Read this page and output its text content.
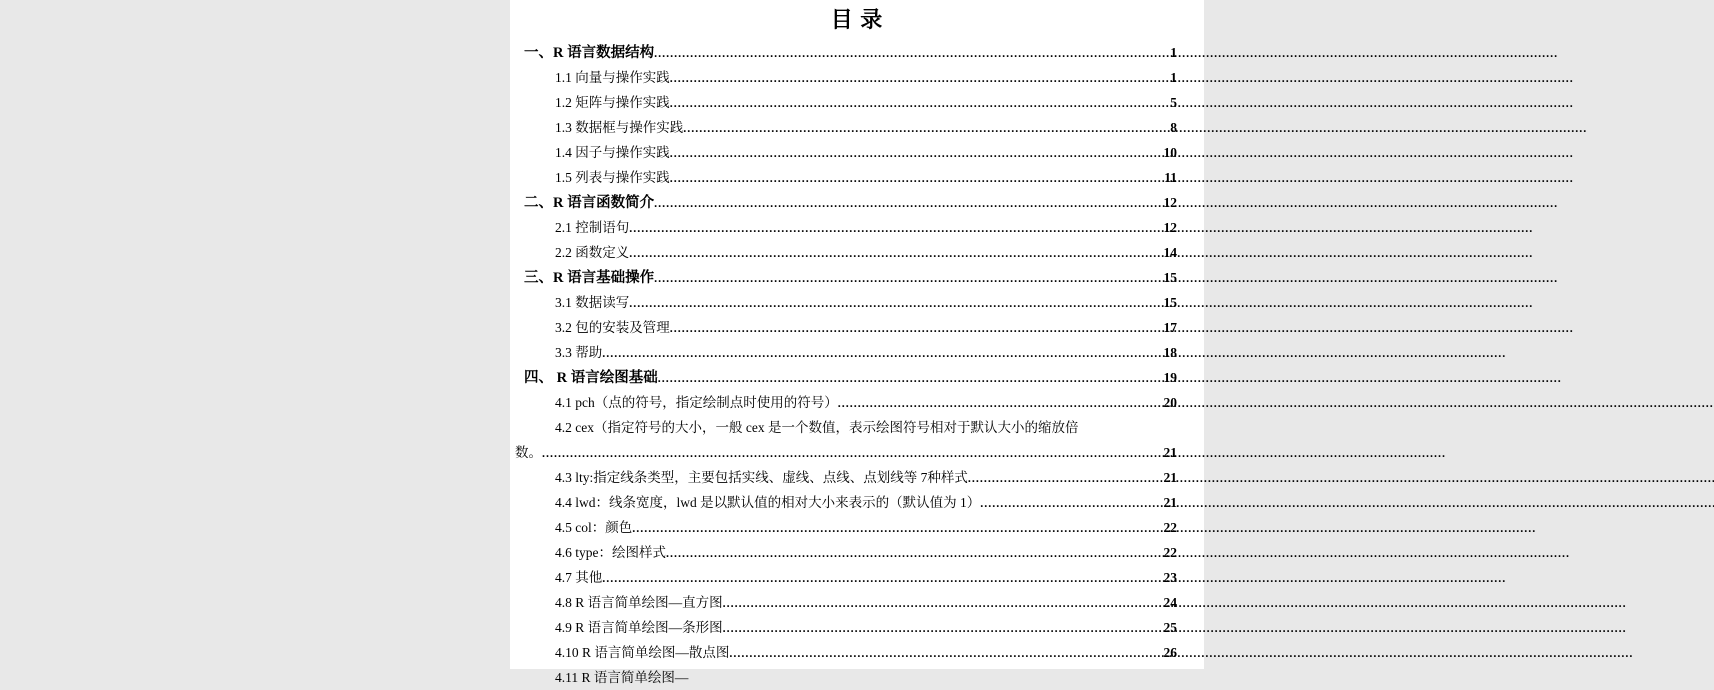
目 录
一、R 语言数据结构 .....	1
1.1 向量与操作实践 .....	1
1.2 矩阵与操作实践 .....	5
1.3 数据框与操作实践 .....	8
1.4 因子与操作实践 .....	10
1.5 列表与操作实践 .....	11
二、R 语言函数简介 .....	12
2.1 控制语句 .....	12
2.2 函数定义 .....	14
三、R 语言基础操作 .....	15
3.1 数据读写 .....	15
3.2 包的安装及管理 .....	17
3.3 帮助 .....	18
四、 R 语言绘图基础 .....	19
4.1 pch（点的符号，指定绘制点时使用的符号） .....	20
4.2 cex（指定符号的大小，一般 cex 是一个数值，表示绘图符号相对于默认大小的缩放倍
数。 .....	21
4.3 lty:指定线条类型，主要包括实线、虚线、点线、点划线等 7种样式 .....	21
4.4 lwd：线条宽度，lwd 是以默认值的相对大小来表示的（默认值为 1） .....	21
4.5 col：颜色 .....	22
4.6 type：绘图样式 .....	22
4.7 其他 .....	23
4.8 R 语言简单绘图—直方图 .....	24
4.9 R 语言简单绘图—条形图 .....	25
4.10 R 语言简单绘图—散点图 .....	26
4.11 R 语言简单绘图—
